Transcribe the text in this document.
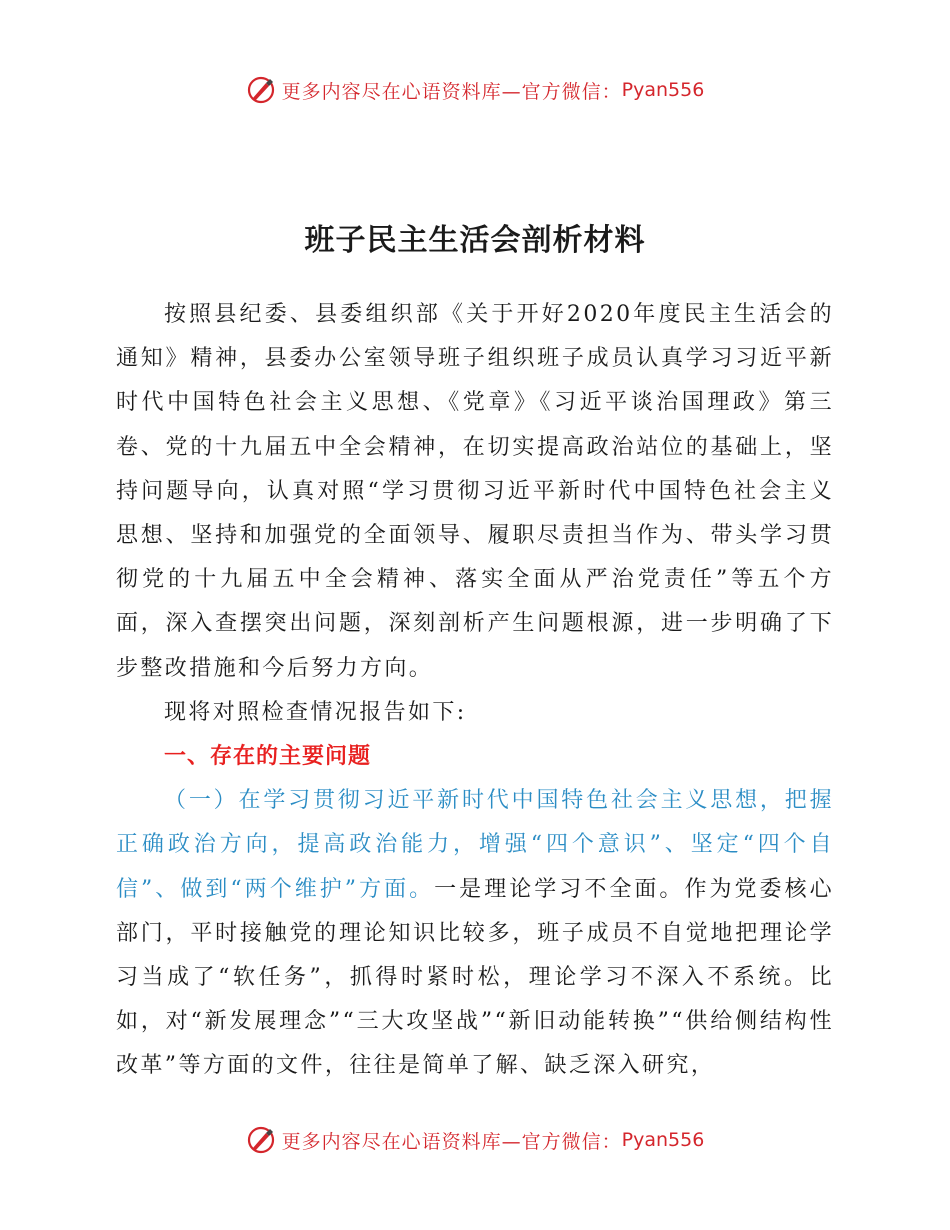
更多内容尽在心语资料库—官方微信： Pyan556
班子民主生活会剖析材料

按照县纪委、县委组织部《关于开好2020年度民主生活会的通知》精神，县委办公室领导班子组织班子成员认真学习习近平新时代中国特色社会主义思想、《党章》《习近平谈治国理政》第三卷、党的十九届五中全会精神，在切实提高政治站位的基础上，坚持问题导向，认真对照“学习贯彻习近平新时代中国特色社会主义思想、坚持和加强党的全面领导、履职尽责担当作为、带头学习贯彻党的十九届五中全会精神、落实全面从严治党责任”等五个方面，深入查摆突出问题，深刻剖析产生问题根源，进一步明确了下步整改措施和今后努力方向。

现将对照检查情况报告如下:

一、存在的主要问题

（一）在学习贯彻习近平新时代中国特色社会主义思想，把握正确政治方向，提高政治能力，增强“四个意识”、坚定“四个自信”、做到“两个维护”方面。一是理论学习不全面。作为党委核心部门，平时接触党的理论知识比较多，班子成员不自觉地把理论学习当成了“软任务”，抓得时紧时松，理论学习不深入不系统。比如，对“新发展理念”“三大攻坚战”“新旧动能转换”“供给侧结构性改革”等方面的文件，往往是简单了解、缺乏深入研究，

更多内容尽在心语资料库—官方微信： Pyan556
